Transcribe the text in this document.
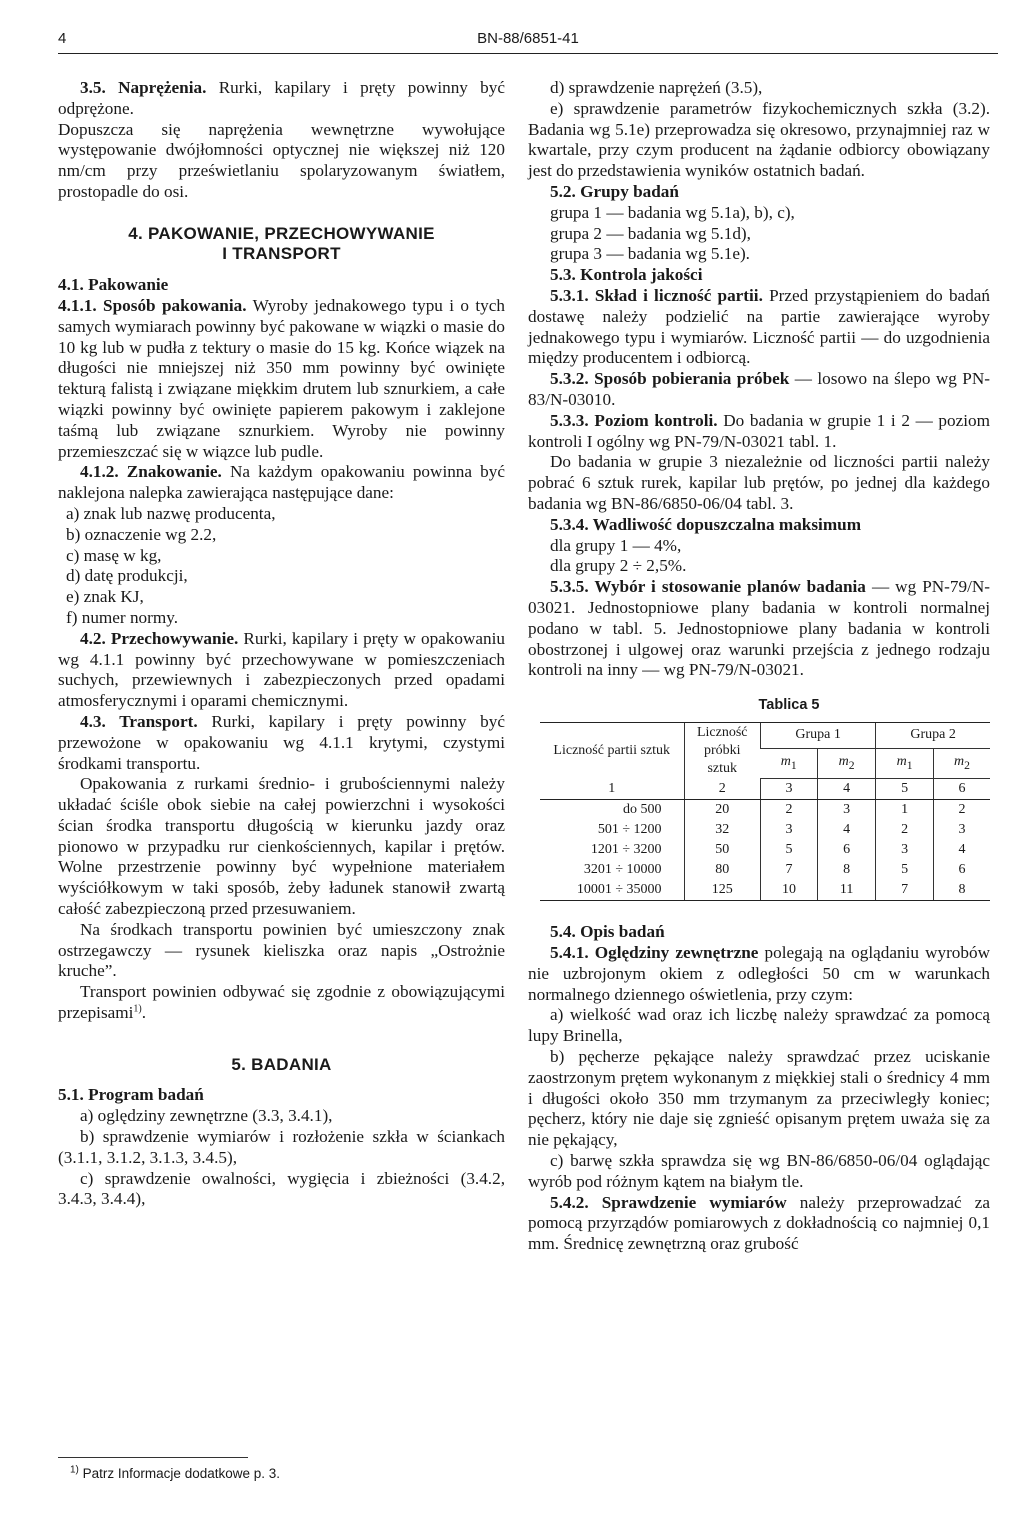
4	BN-88/6851-41

3.5. Naprężenia. Rurki, kapilary i pręty powinny być odprężone.

Dopuszcza się naprężenia wewnętrzne wywołujące występowanie dwójłomności optycznej nie większej niż 120 nm/cm przy prześwietlaniu spolaryzowanym światłem, prostopadle do osi.

4. PAKOWANIE, PRZECHOWYWANIE
I TRANSPORT

4.1. Pakowanie

4.1.1. Sposób pakowania. Wyroby jednakowego typu i o tych samych wymiarach powinny być pakowane w wiązki o masie do 10 kg lub w pudła z tektury o masie do 15 kg. Końce wiązek na długości nie mniejszej niż 350 mm powinny być owinięte tekturą falistą i związane miękkim drutem lub sznurkiem, a całe wiązki powinny być owinięte papierem pakowym i zaklejone taśmą lub związane sznurkiem. Wyroby nie powinny przemieszczać się w wiązce lub pudle.

4.1.2. Znakowanie. Na każdym opakowaniu powinna być naklejona nalepka zawierająca następujące dane:

a) znak lub nazwę producenta,
b) oznaczenie wg 2.2,
c) masę w kg,
d) datę produkcji,
e) znak KJ,
f) numer normy.

4.2. Przechowywanie. Rurki, kapilary i pręty w opakowaniu wg 4.1.1 powinny być przechowywane w pomieszczeniach suchych, przewiewnych i zabezpieczonych przed opadami atmosferycznymi i oparami chemicznymi.

4.3. Transport. Rurki, kapilary i pręty powinny być przewożone w opakowaniu wg 4.1.1 krytymi, czystymi środkami transportu.

Opakowania z rurkami średnio- i grubościennymi należy układać ściśle obok siebie na całej powierzchni i wysokości ścian środka transportu długością w kierunku jazdy oraz pionowo w przypadku rur cienkościennych, kapilar i prętów. Wolne przestrzenie powinny być wypełnione materiałem wyściółkowym w taki sposób, żeby ładunek stanowił zwartą całość zabezpieczoną przed przesuwaniem.

Na środkach transportu powinien być umieszczony znak ostrzegawczy — rysunek kieliszka oraz napis „Ostrożnie kruche”.

Transport powinien odbywać się zgodnie z obowiązującymi przepisami$^{1)}$.

5. BADANIA

5.1. Program badań

a) oględziny zewnętrzne (3.3, 3.4.1),

b) sprawdzenie wymiarów i rozłożenie szkła w ściankach (3.1.1, 3.1.2, 3.1.3, 3.4.5),

c) sprawdzenie owalności, wygięcia i zbieżności (3.4.2, 3.4.3, 3.4.4),

d) sprawdzenie naprężeń (3.5),

e) sprawdzenie parametrów fizykochemicznych szkła (3.2). Badania wg 5.1e) przeprowadza się okresowo, przynajmniej raz w kwartale, przy czym producent na żądanie odbiorcy obowiązany jest do przedstawienia wyników ostatnich badań.

5.2. Grupy badań

grupa 1 — badania wg 5.1a), b), c),
grupa 2 — badania wg 5.1d),
grupa 3 — badania wg 5.1e).

5.3. Kontrola jakości

5.3.1. Skład i liczność partii. Przed przystąpieniem do badań dostawę należy podzielić na partie zawierające wyroby jednakowego typu i wymiarów. Liczność partii — do uzgodnienia między producentem i odbiorcą.

5.3.2. Sposób pobierania próbek — losowo na ślepo wg PN-83/N-03010.

5.3.3. Poziom kontroli. Do badania w grupie 1 i 2 — poziom kontroli I ogólny wg PN-79/N-03021 tabl. 1.

Do badania w grupie 3 niezależnie od liczności partii należy pobrać 6 sztuk rurek, kapilar lub prętów, po jednej dla każdego badania wg BN-86/6850-06/04 tabl. 3.

5.3.4. Wadliwość dopuszczalna maksimum

dla grupy 1 — 4%,
dla grupy 2 ÷ 2,5%.

5.3.5. Wybór i stosowanie planów badania — wg PN-79/N-03021. Jednostopniowe plany badania w kontroli normalnej podano w tabl. 5. Jednostopniowe plany badania w kontroli obostrzonej i ulgowej oraz warunki przejścia z jednego rodzaju kontroli na inny — wg PN-79/N-03021.

Tablica 5
Liczność partii sztuk	Liczność próbki sztuk	Grupa 1		Grupa 2	
		$m_1$	$m_2$	$m_1$	$m_2$
1	2	3	4	5	6
do 500	20	2	3	1	2
501 ÷ 1200	32	3	4	2	3
1201 ÷ 3200	50	5	6	3	4
3201 ÷ 10000	80	7	8	5	6
10001 ÷ 35000	125	10	11	7	8

5.4. Opis badań

5.4.1. Oględziny zewnętrzne polegają na oglądaniu wyrobów nie uzbrojonym okiem z odległości 50 cm w warunkach normalnego dziennego oświetlenia, przy czym:

a) wielkość wad oraz ich liczbę należy sprawdzać za pomocą lupy Brinella,

b) pęcherze pękające należy sprawdzać przez uciskanie zaostrzonym prętem wykonanym z miękkiej stali o średnicy 4 mm i długości około 350 mm trzymanym za przeciwległy koniec; pęcherz, który nie daje się zgnieść opisanym prętem uważa się za nie pękający,

c) barwę szkła sprawdza się wg BN-86/6850-06/04 oglądając wyrób pod różnym kątem na białym tle.

5.4.2. Sprawdzenie wymiarów należy przeprowadzać za pomocą przyrządów pomiarowych z dokładnością co najmniej 0,1 mm. Średnicę zewnętrzną oraz grubość

$^{1)}$ Patrz Informacje dodatkowe p. 3.
